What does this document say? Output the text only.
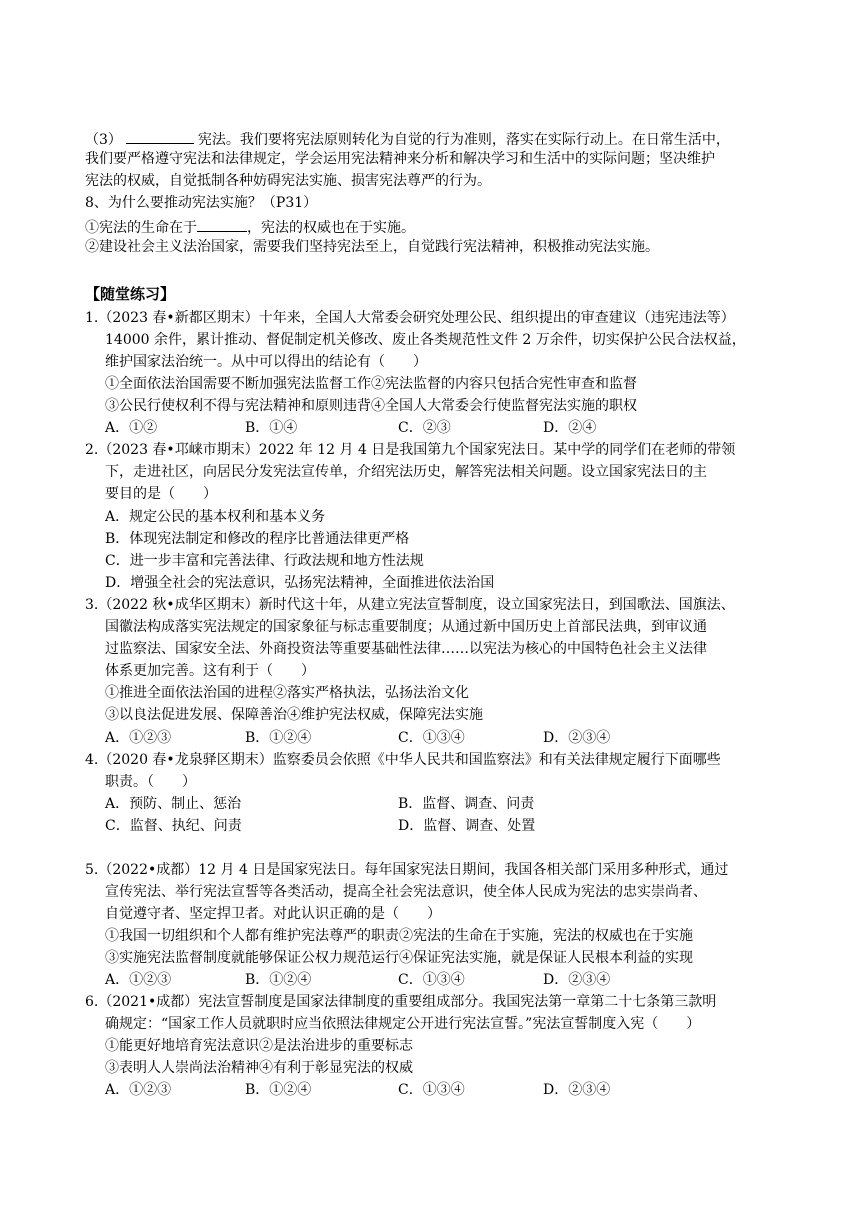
（3）	宪法。我们要将宪法原则转化为自觉的行为准则，落实在实际行动上。在日常生活中，
我们要严格遵守宪法和法律规定，学会运用宪法精神来分析和解决学习和生活中的实际问题；坚决维护
宪法的权威，自觉抵制各种妨碍宪法实施、损害宪法尊严的行为。
8、为什么要推动宪法实施？（P31）
①宪法的生命在于	，宪法的权威也在于实施。
②建设社会主义法治国家，需要我们坚持宪法至上，自觉践行宪法精神，积极推动宪法实施。
【随堂练习】
1.（2023 春•新都区期末）十年来，全国人大常委会研究处理公民、组织提出的审查建议（违宪违法等）
14000 余件，累计推动、督促制定机关修改、废止各类规范性文件 2 万余件，切实保护公民合法权益，
维护国家法治统一。从中可以得出的结论有（　　）
①全面依法治国需要不断加强宪法监督工作②宪法监督的内容只包括合宪性审查和监督
③公民行使权利不得与宪法精神和原则违背④全国人大常委会行使监督宪法实施的职权
A．①②	B．①④	C．②③	D．②④
2.（2023 春•邛崃市期末）2022 年 12 月 4 日是我国第九个国家宪法日。某中学的同学们在老师的带领
下，走进社区，向居民分发宪法宣传单，介绍宪法历史，解答宪法相关问题。设立国家宪法日的主
要目的是（　　）
A．规定公民的基本权利和基本义务
B．体现宪法制定和修改的程序比普通法律更严格
C．进一步丰富和完善法律、行政法规和地方性法规
D．增强全社会的宪法意识，弘扬宪法精神，全面推进依法治国
3.（2022 秋•成华区期末）新时代这十年，从建立宪法宣誓制度，设立国家宪法日，到国歌法、国旗法、
国徽法构成落实宪法规定的国家象征与标志重要制度；从通过新中国历史上首部民法典，到审议通
过监察法、国家安全法、外商投资法等重要基础性法律……以宪法为核心的中国特色社会主义法律
体系更加完善。这有利于（　　）
①推进全面依法治国的进程②落实严格执法，弘扬法治文化
③以良法促进发展、保障善治④维护宪法权威，保障宪法实施
A．①②③	B．①②④	C．①③④	D．②③④
4.（2020 春•龙泉驿区期末）监察委员会依照《中华人民共和国监察法》和有关法律规定履行下面哪些
职责。（　　）
A．预防、制止、惩治	B．监督、调查、问责
C．监督、执纪、问责	D．监督、调查、处置
5.（2022•成都）12 月 4 日是国家宪法日。每年国家宪法日期间，我国各相关部门采用多种形式，通过
宣传宪法、举行宪法宣誓等各类活动，提高全社会宪法意识，使全体人民成为宪法的忠实崇尚者、
自觉遵守者、坚定捍卫者。对此认识正确的是（　　）
①我国一切组织和个人都有维护宪法尊严的职责②宪法的生命在于实施，宪法的权威也在于实施
③实施宪法监督制度就能够保证公权力规范运行④保证宪法实施，就是保证人民根本利益的实现
A．①②③	B．①②④	C．①③④	D．②③④
6.（2021•成都）宪法宣誓制度是国家法律制度的重要组成部分。我国宪法第一章第二十七条第三款明
确规定：“国家工作人员就职时应当依照法律规定公开进行宪法宣誓。”宪法宣誓制度入宪（　　）
①能更好地培育宪法意识②是法治进步的重要标志
③表明人人崇尚法治精神④有利于彰显宪法的权威
A．①②③	B．①②④	C．①③④	D．②③④
